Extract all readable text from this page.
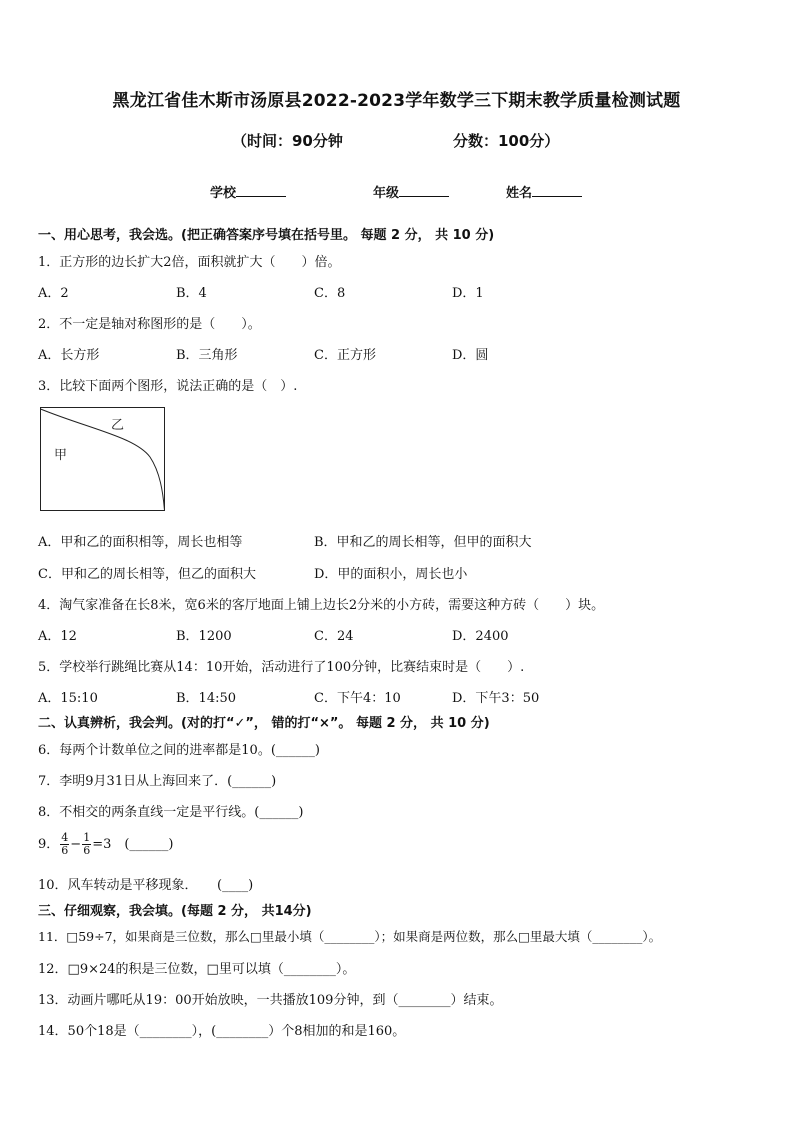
黑龙江省佳木斯市汤原县2022-2023学年数学三下期末教学质量检测试题
（时间：90分钟	分数：100分）
学校	年级	姓名
一、用心思考，我会选。(把正确答案序号填在括号里。 每题 2 分， 共 10 分)
1．正方形的边长扩大2倍，面积就扩大（　　）倍。
A．2	B．4	C．8	D．1
2．不一定是轴对称图形的是（　　）。
A．长方形	B．三角形	C．正方形	D．圆
3．比较下面两个图形，说法正确的是（　）.
乙
甲
A．甲和乙的面积相等，周长也相等	B．甲和乙的周长相等，但甲的面积大
C．甲和乙的周长相等，但乙的面积大	D．甲的面积小，周长也小
4．淘气家准备在长8米，宽6米的客厅地面上铺上边长2分米的小方砖，需要这种方砖（　　）块。
A．12	B．1200	C．24	D．2400
5．学校举行跳绳比赛从14：10开始，活动进行了100分钟，比赛结束时是（　　）.
A．15:10	B．14:50	C．下午4：10	D．下午3：50
二、认真辨析，我会判。(对的打“✓”， 错的打“×”。 每题 2 分， 共 10 分)
6．每两个计数单位之间的进率都是10。(______)
7．李明9月31日从上海回来了．(______)
8．不相交的两条直线一定是平行线。(______)
9． $\frac{4}{6} - \frac{1}{6} =3$　(______)
10．风车转动是平移现象．　　(____)
三、仔细观察，我会填。(每题 2 分， 共14分)
11．□59÷7，如果商是三位数，那么□里最小填（________）；如果商是两位数，那么□里最大填（________）。
12．□9×24的积是三位数，□里可以填（________）。
13．动画片哪吒从19：00开始放映，一共播放109分钟，到（________）结束。
14．50个18是（________），(________）个8相加的和是160。
